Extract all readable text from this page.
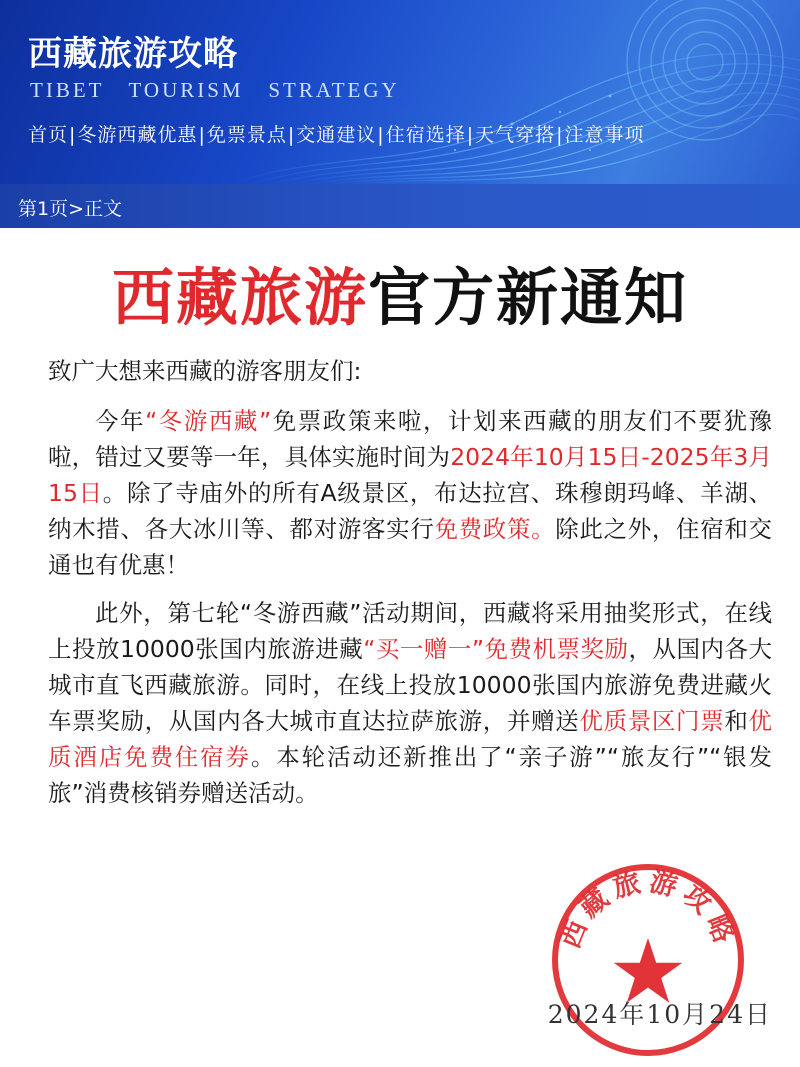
西藏旅游攻略
TIBET   TOURISM   STRATEGY
首页|冬游西藏优惠|免票景点|交通建议|住宿选择|天气穿搭|注意事项
第1页>正文
西藏旅游官方新通知

致广大想来西藏的游客朋友们:

今年“冬游西藏”免票政策来啦，计划来西藏的朋友们不要犹豫啦，错过又要等一年，具体实施时间为2024年10月15日-2025年3月15日。除了寺庙外的所有A级景区，布达拉宫、珠穆朗玛峰、羊湖、纳木措、各大冰川等、都对游客实行免费政策。除此之外，住宿和交通也有优惠！

此外，第七轮“冬游西藏”活动期间，西藏将采用抽奖形式，在线上投放10000张国内旅游进藏“买一赠一”免费机票奖励，从国内各大城市直飞西藏旅游。同时，在线上投放10000张国内旅游免费进藏火车票奖励，从国内各大城市直达拉萨旅游，并赠送优质景区门票和优质酒店免费住宿券。本轮活动还新推出了“亲子游”“旅友行”“银发旅”消费核销券赠送活动。

西藏旅游攻略
2024年10月24日
